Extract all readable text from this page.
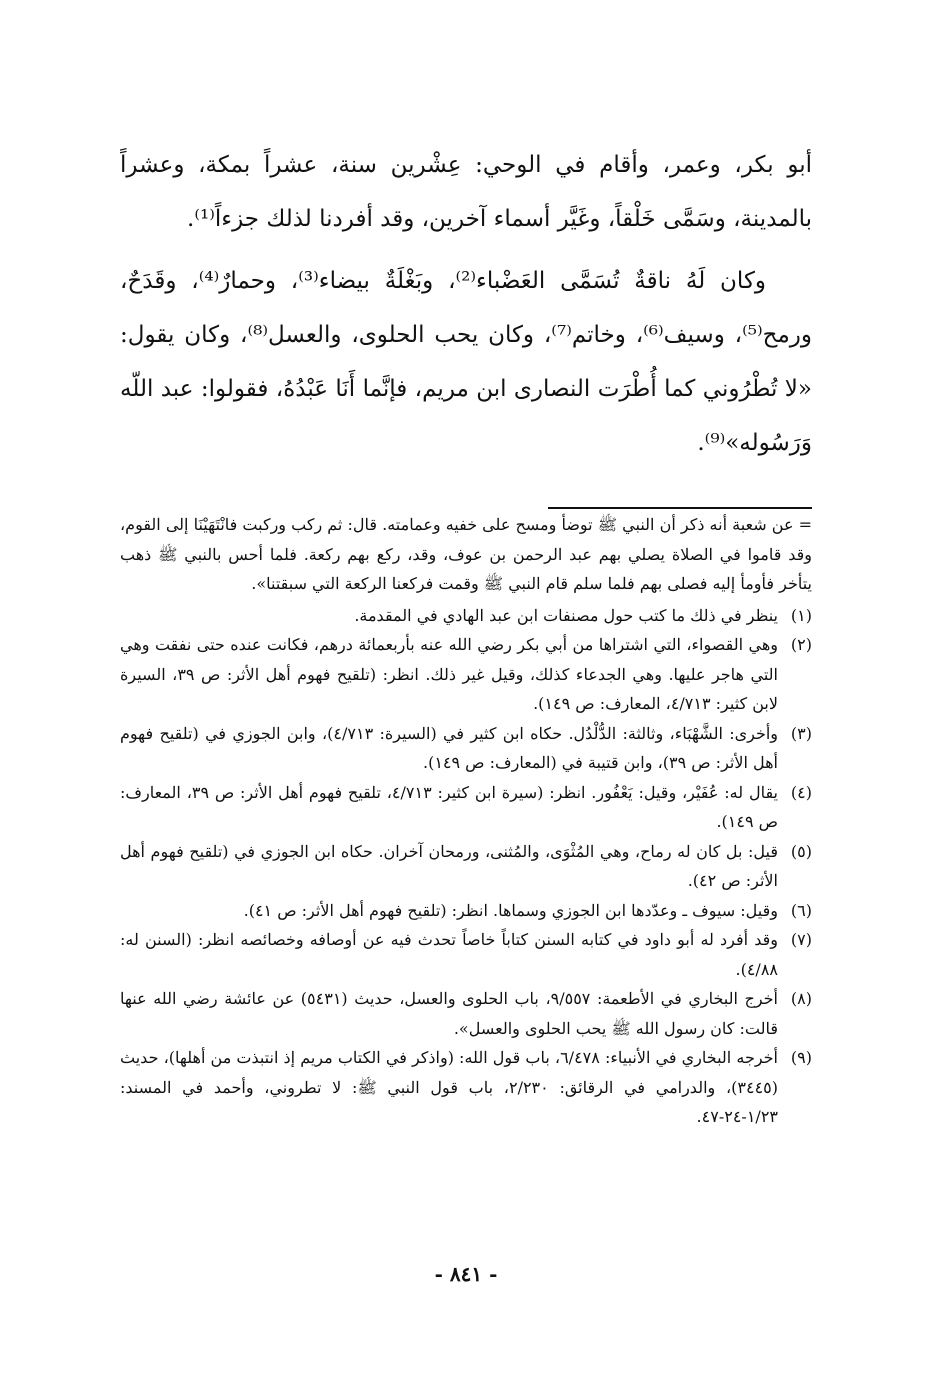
أبو بكر، وعمر، وأقام في الوحي: عِشْرين سنة، عشراً بمكة، وعشراً بالمدينة، وسَمَّى خَلْقاً، وغَيَّر أسماء آخرين، وقد أفردنا لذلك جزءاً⁽¹⁾.

وكان لَهُ ناقةٌ تُسَمَّى العَضْباء⁽²⁾، وبَغْلَةٌ بيضاء⁽³⁾، وحمارٌ⁽⁴⁾، وقَدَحٌ، ورمح⁽⁵⁾، وسيف⁽⁶⁾، وخاتم⁽⁷⁾، وكان يحب الحلوى، والعسل⁽⁸⁾، وكان يقول: «لا تُطْرُوني كما أُطْرَت النصارى ابن مريم، فإنَّما أَنَا عَبْدُهُ، فقولوا: عبد اللّه وَرَسُوله»⁽⁹⁾.

= عن شعبة أنه ذكر أن النبي ﷺ توضأ ومسح على خفيه وعمامته. قال: ثم ركب وركبت فانْتَهَيْنَا إلى القوم، وقد قاموا في الصلاة يصلي بهم عبد الرحمن بن عوف، وقد، ركع بهم ركعة. فلما أحس بالنبي ﷺ ذهب يتأخر فأومأ إليه فصلى بهم فلما سلم قام النبي ﷺ وقمت فركعنا الركعة التي سبقتنا».

(١)
ينظر في ذلك ما كتب حول مصنفات ابن عبد الهادي في المقدمة.
(٢)
وهي القصواء، التي اشتراها من أبي بكر رضي الله عنه بأربعمائة درهم، فكانت عنده حتى نفقت وهي التي هاجر عليها. وهي الجدعاء كذلك، وقيل غير ذلك. انظر: (تلقيح فهوم أهل الأثر: ص ٣٩، السيرة لابن كثير: ٤/٧١٣، المعارف: ص ١٤٩).
(٣)
وأخرى: الشَّهْبَاء، وثالثة: الدُّلْدُل. حكاه ابن كثير في (السيرة: ٤/٧١٣)، وابن الجوزي في (تلقيح فهوم أهل الأثر: ص ٣٩)، وابن قتيبة في (المعارف: ص ١٤٩).
(٤)
يقال له: عُفَيْر، وقيل: يَعْفُور. انظر: (سيرة ابن كثير: ٤/٧١٣، تلقيح فهوم أهل الأثر: ص ٣٩، المعارف: ص ١٤٩).
(٥)
قيل: بل كان له رماح، وهي المُثْوَى، والمُثنى، ورمحان آخران. حكاه ابن الجوزي في (تلقيح فهوم أهل الأثر: ص ٤٢).
(٦)
وقيل: سيوف ـ وعدّدها ابن الجوزي وسماها. انظر: (تلقيح فهوم أهل الأثر: ص ٤١).
(٧)
وقد أفرد له أبو داود في كتابه السنن كتاباً خاصاً تحدث فيه عن أوصافه وخصائصه انظر: (السنن له: ٤/٨٨).
(٨)
أخرج البخاري في الأطعمة: ٩/٥٥٧، باب الحلوى والعسل، حديث (٥٤٣١) عن عائشة رضي الله عنها قالت: كان رسول الله ﷺ يحب الحلوى والعسل».
(٩)
أخرجه البخاري في الأنبياء: ٦/٤٧٨، باب قول الله: (واذكر في الكتاب مريم إذ انتبذت من أهلها)، حديث (٣٤٤٥)، والدرامي في الرقائق: ٢/٢٣٠، باب قول النبي ﷺ: لا تطروني، وأحمد في المسند: ١/٢٣-٢٤-٤٧.
- ٨٤١ -
